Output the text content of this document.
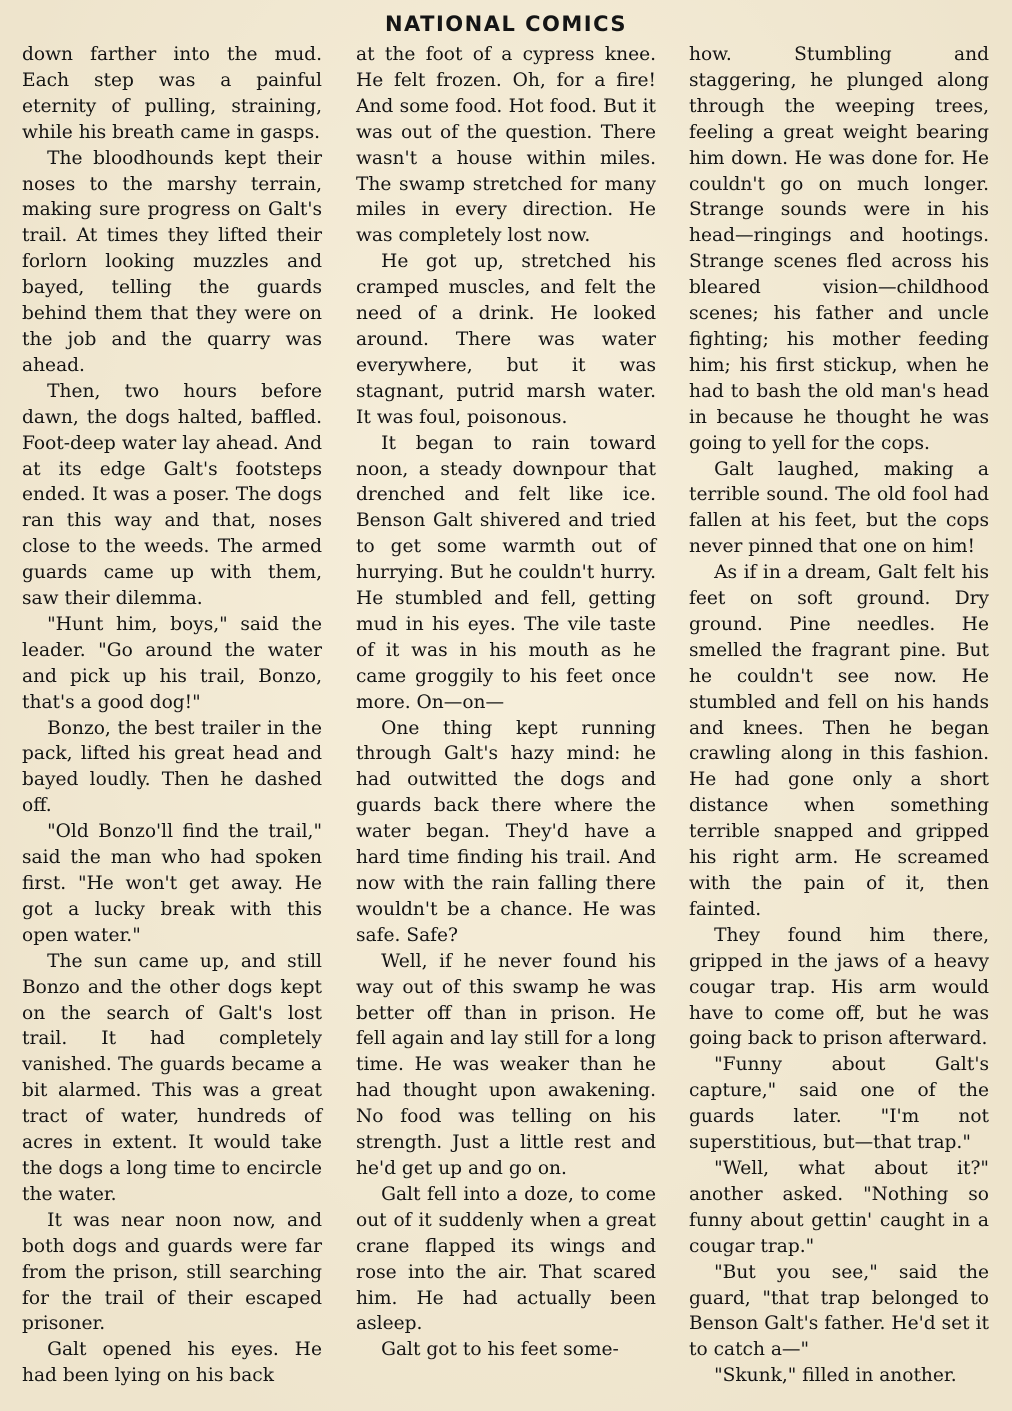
NATIONAL COMICS

down farther into the mud. Each step was a painful eternity of pulling, straining, while his breath came in gasps.

The bloodhounds kept their noses to the marshy terrain, making sure progress on Galt's trail. At times they lifted their forlorn looking muzzles and bayed, telling the guards behind them that they were on the job and the quarry was ahead.

Then, two hours before dawn, the dogs halted, baffled. Foot-deep water lay ahead. And at its edge Galt's footsteps ended. It was a poser. The dogs ran this way and that, noses close to the weeds. The armed guards came up with them, saw their dilemma.

"Hunt him, boys," said the leader. "Go around the water and pick up his trail, Bonzo, that's a good dog!"

Bonzo, the best trailer in the pack, lifted his great head and bayed loudly. Then he dashed off.

"Old Bonzo'll find the trail," said the man who had spoken first. "He won't get away. He got a lucky break with this open water."

The sun came up, and still Bonzo and the other dogs kept on the search of Galt's lost trail. It had completely vanished. The guards became a bit alarmed. This was a great tract of water, hundreds of acres in extent. It would take the dogs a long time to encircle the water.

It was near noon now, and both dogs and guards were far from the prison, still searching for the trail of their escaped prisoner.

Galt opened his eyes. He had been lying on his back

at the foot of a cypress knee. He felt frozen. Oh, for a fire! And some food. Hot food. But it was out of the question. There wasn't a house within miles. The swamp stretched for many miles in every direction. He was completely lost now.

He got up, stretched his cramped muscles, and felt the need of a drink. He looked around. There was water everywhere, but it was stagnant, putrid marsh water. It was foul, poisonous.

It began to rain toward noon, a steady downpour that drenched and felt like ice. Benson Galt shivered and tried to get some warmth out of hurrying. But he couldn't hurry. He stumbled and fell, getting mud in his eyes. The vile taste of it was in his mouth as he came groggily to his feet once more. On—on—

One thing kept running through Galt's hazy mind: he had outwitted the dogs and guards back there where the water began. They'd have a hard time finding his trail. And now with the rain falling there wouldn't be a chance. He was safe. Safe?

Well, if he never found his way out of this swamp he was better off than in prison. He fell again and lay still for a long time. He was weaker than he had thought upon awakening. No food was telling on his strength. Just a little rest and he'd get up and go on.

Galt fell into a doze, to come out of it suddenly when a great crane flapped its wings and rose into the air. That scared him. He had actually been asleep.

Galt got to his feet some-

how. Stumbling and staggering, he plunged along through the weeping trees, feeling a great weight bearing him down. He was done for. He couldn't go on much longer. Strange sounds were in his head—ringings and hootings. Strange scenes fled across his bleared vision—childhood scenes; his father and uncle fighting; his mother feeding him; his first stickup, when he had to bash the old man's head in because he thought he was going to yell for the cops.

Galt laughed, making a terrible sound. The old fool had fallen at his feet, but the cops never pinned that one on him!

As if in a dream, Galt felt his feet on soft ground. Dry ground. Pine needles. He smelled the fragrant pine. But he couldn't see now. He stumbled and fell on his hands and knees. Then he began crawling along in this fashion. He had gone only a short distance when something terrible snapped and gripped his right arm. He screamed with the pain of it, then fainted.

They found him there, gripped in the jaws of a heavy cougar trap. His arm would have to come off, but he was going back to prison afterward.

"Funny about Galt's capture," said one of the guards later. "I'm not superstitious, but—that trap."

"Well, what about it?" another asked. "Nothing so funny about gettin' caught in a cougar trap."

"But you see," said the guard, "that trap belonged to Benson Galt's father. He'd set it to catch a—"

"Skunk," filled in another.
